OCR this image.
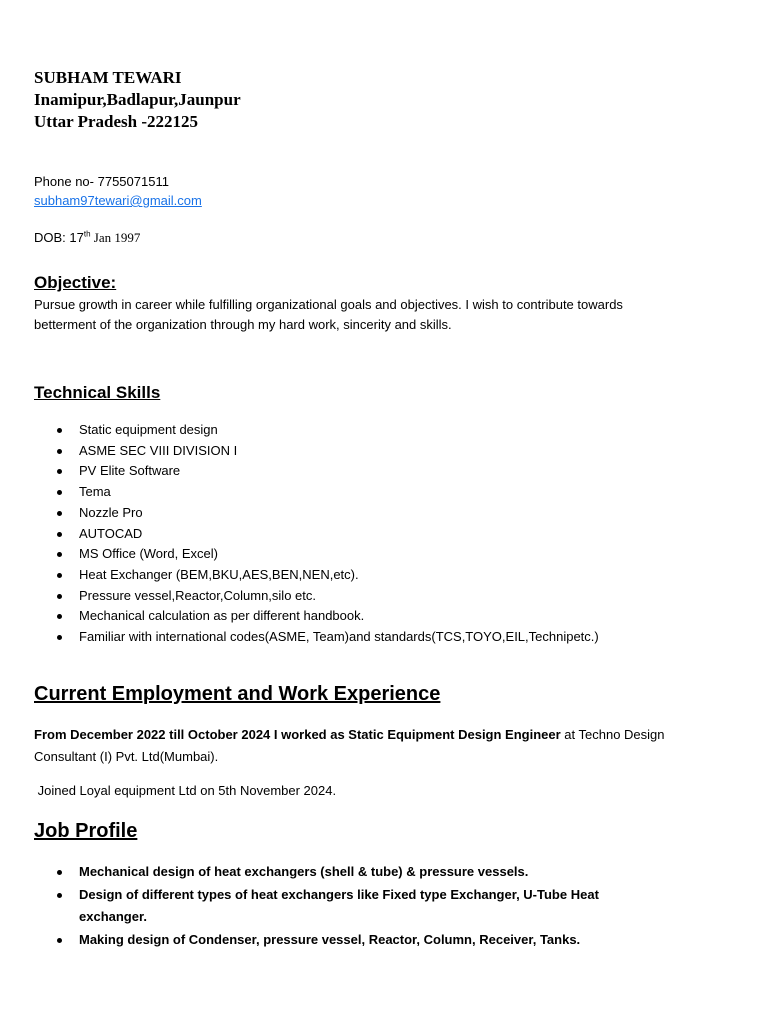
SUBHAM TEWARI
Inamipur,Badlapur,Jaunpur
Uttar Pradesh -222125
Phone no- 7755071511
subham97tewari@gmail.com
DOB: 17th Jan 1997
Objective:
Pursue growth in career while fulfilling organizational goals and objectives. I wish to contribute towards betterment of the organization through my hard work, sincerity and skills.
Technical Skills
Static equipment design
ASME SEC VIII DIVISION I
PV Elite Software
Tema
Nozzle Pro
AUTOCAD
MS Office (Word, Excel)
Heat Exchanger (BEM,BKU,AES,BEN,NEN,etc).
Pressure vessel,Reactor,Column,silo etc.
Mechanical calculation as per different handbook.
Familiar with international codes(ASME, Team)and standards(TCS,TOYO,EIL,Technipetc.)
Current Employment and Work Experience
From December 2022 till October 2024 I worked as Static Equipment Design Engineer at Techno Design Consultant (I) Pvt. Ltd(Mumbai).
Joined Loyal equipment Ltd on 5th November 2024.
Job Profile
Mechanical design of heat exchangers (shell & tube) & pressure vessels.
Design of different types of heat exchangers like Fixed type Exchanger, U-Tube Heat exchanger.
Making design of Condenser, pressure vessel, Reactor, Column, Receiver, Tanks.
